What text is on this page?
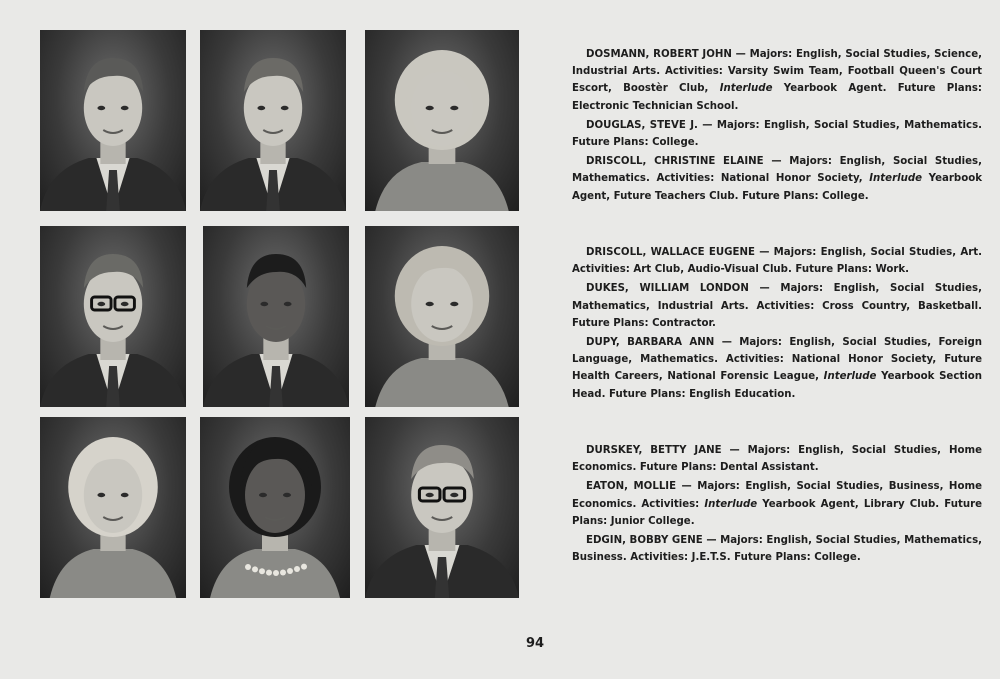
DOSMANN, ROBERT JOHN — Majors: English, Social Studies, Science, Industrial Arts. Activities: Varsity Swim Team, Football Queen's Court Escort, Boostèr Club, Interlude Yearbook Agent. Future Plans: Electronic Technician School.

DOUGLAS, STEVE J. — Majors: English, Social Studies, Mathematics. Future Plans: College.

DRISCOLL, CHRISTINE ELAINE — Majors: English, Social Studies, Mathematics. Activities: National Honor Society, Interlude Yearbook Agent, Future Teachers Club. Future Plans: College.

DRISCOLL, WALLACE EUGENE — Majors: English, Social Studies, Art. Activities: Art Club, Audio-Visual Club. Future Plans: Work.

DUKES, WILLIAM LONDON — Majors: English, Social Studies, Mathematics, Industrial Arts. Activities: Cross Country, Basketball. Future Plans: Contractor.

DUPY, BARBARA ANN — Majors: English, Social Studies, Foreign Language, Mathematics. Activities: National Honor Society, Future Health Careers, National Forensic League, Interlude Yearbook Section Head. Future Plans: English Education.

DURSKEY, BETTY JANE — Majors: English, Social Studies, Home Economics. Future Plans: Dental Assistant.

EATON, MOLLIE — Majors: English, Social Studies, Business, Home Economics. Activities: Interlude Yearbook Agent, Library Club. Future Plans: Junior College.

EDGIN, BOBBY GENE — Majors: English, Social Studies, Mathematics, Business. Activities: J.E.T.S. Future Plans: College.

94
